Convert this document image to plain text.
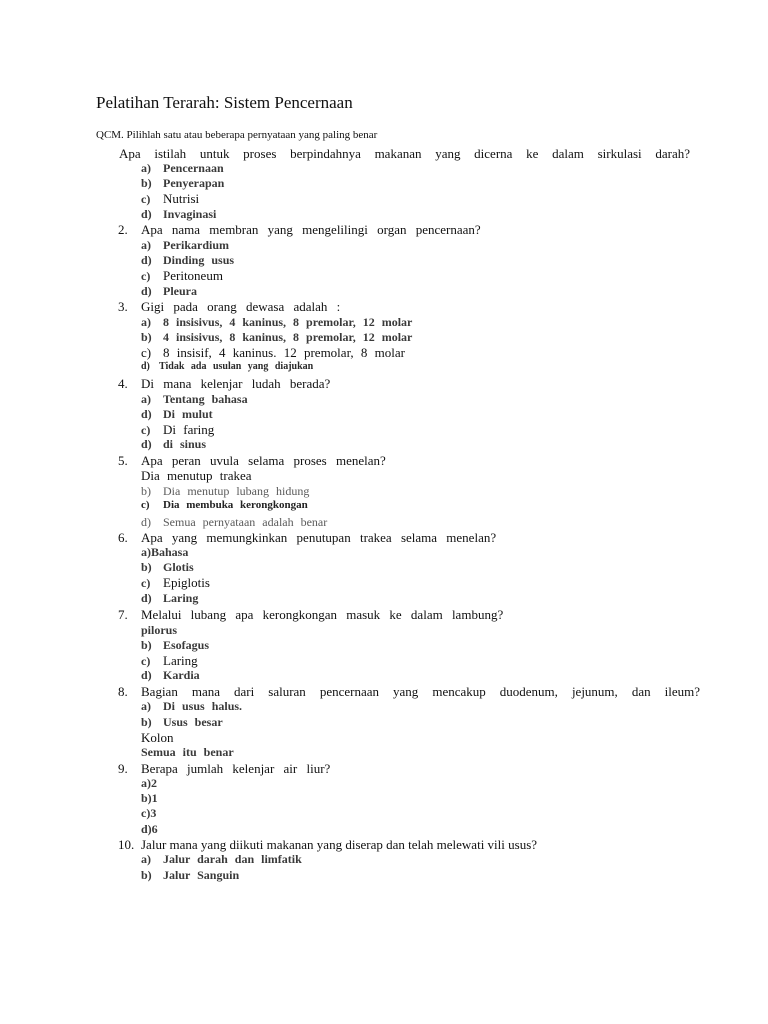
Pelatihan Terarah: Sistem Pencernaan
QCM. Pilihlah satu atau beberapa pernyataan yang paling benar
Apa istilah untuk proses berpindahnya makanan yang dicerna ke dalam sirkulasi darah?
a) Pencernaan
b) Penyerapan
c) Nutrisi
d) Invaginasi
2. Apa nama membran yang mengelilingi organ pencernaan?
a) Perikardium
d) Dinding usus
c) Peritoneum
d) Pleura
3. Gigi pada orang dewasa adalah :
a) 8 insisivus, 4 kaninus, 8 premolar, 12 molar
b) 4 insisivus, 8 kaninus, 8 premolar, 12 molar
c) 8 insisif, 4 kaninus. 12 premolar, 8 molar
d) Tidak ada usulan yang diajukan
4. Di mana kelenjar ludah berada?
a) Tentang bahasa
d) Di mulut
c) Di faring
d) di sinus
5. Apa peran uvula selama proses menelan?
Dia menutup trakea
b) Dia menutup lubang hidung
c) Dia membuka kerongkongan
d) Semua pernyataan adalah benar
6. Apa yang memungkinkan penutupan trakea selama menelan?
a)Bahasa
b) Glotis
c) Epiglotis
d) Laring
7. Melalui lubang apa kerongkongan masuk ke dalam lambung?
pilorus
b) Esofagus
c) Laring
d) Kardia
8. Bagian mana dari saluran pencernaan yang mencakup duodenum, jejunum, dan ileum?
a) Di usus halus.
b) Usus besar
Kolon
Semua itu benar
9. Berapa jumlah kelenjar air liur?
a)2
b)1
c)3
d)6
10. Jalur mana yang diikuti makanan yang diserap dan telah melewati vili usus?
a) Jalur darah dan limfatik
b) Jalur Sanguin
